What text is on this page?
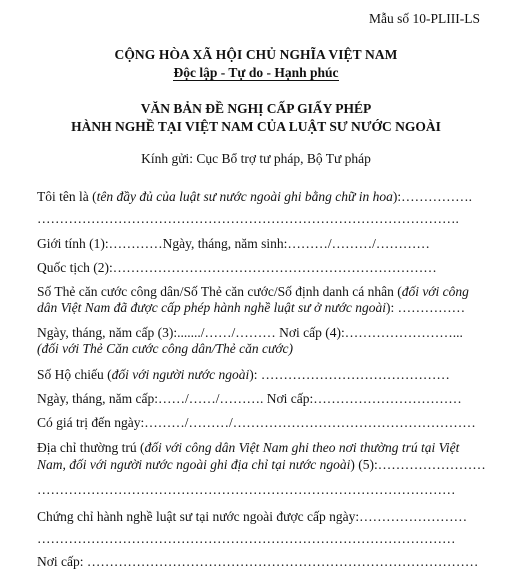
Mẫu số 10-PLIII-LS
CỘNG HÒA XÃ HỘI CHỦ NGHĨA VIỆT NAM
Độc lập - Tự do - Hạnh phúc
VĂN BẢN ĐỀ NGHỊ CẤP GIẤY PHÉP
HÀNH NGHỀ TẠI VIỆT NAM CỦA LUẬT SƯ NƯỚC NGOÀI
Kính gửi: Cục Bổ trợ tư pháp, Bộ Tư pháp
Tôi tên là (tên đầy đủ của luật sư nước ngoài ghi bằng chữ in hoa):…………….
………………………………………………………………………………….
Giới tính (1):…………Ngày, tháng, năm sinh:………/………/…………
Quốc tịch (2):………………………………………………………………
Số Thẻ căn cước công dân/Số Thẻ căn cước/Số định danh cá nhân (đối với công
dân Việt Nam đã được cấp phép hành nghề luật sư ở nước ngoài): ……………
Ngày, tháng, năm cấp (3):......./……/……… Nơi cấp (4):……………………...
(đối với Thẻ Căn cước công dân/Thẻ căn cước)
Số Hộ chiếu (đối với người nước ngoài): ……………………………………
Ngày, tháng, năm cấp:……/……/………. Nơi cấp:……………………………
Có giá trị đến ngày:………/………/………………………………………………
Địa chỉ thường trú (đối với công dân Việt Nam ghi theo nơi thường trú tại Việt
Nam, đối với người nước ngoài ghi địa chỉ tại nước ngoài) (5):……………………
…………………………………………………………………………………
Chứng chỉ hành nghề luật sư tại nước ngoài được cấp ngày:……………………
…………………………………………………………………………………
Nơi cấp: ……………………………………………………………………………
